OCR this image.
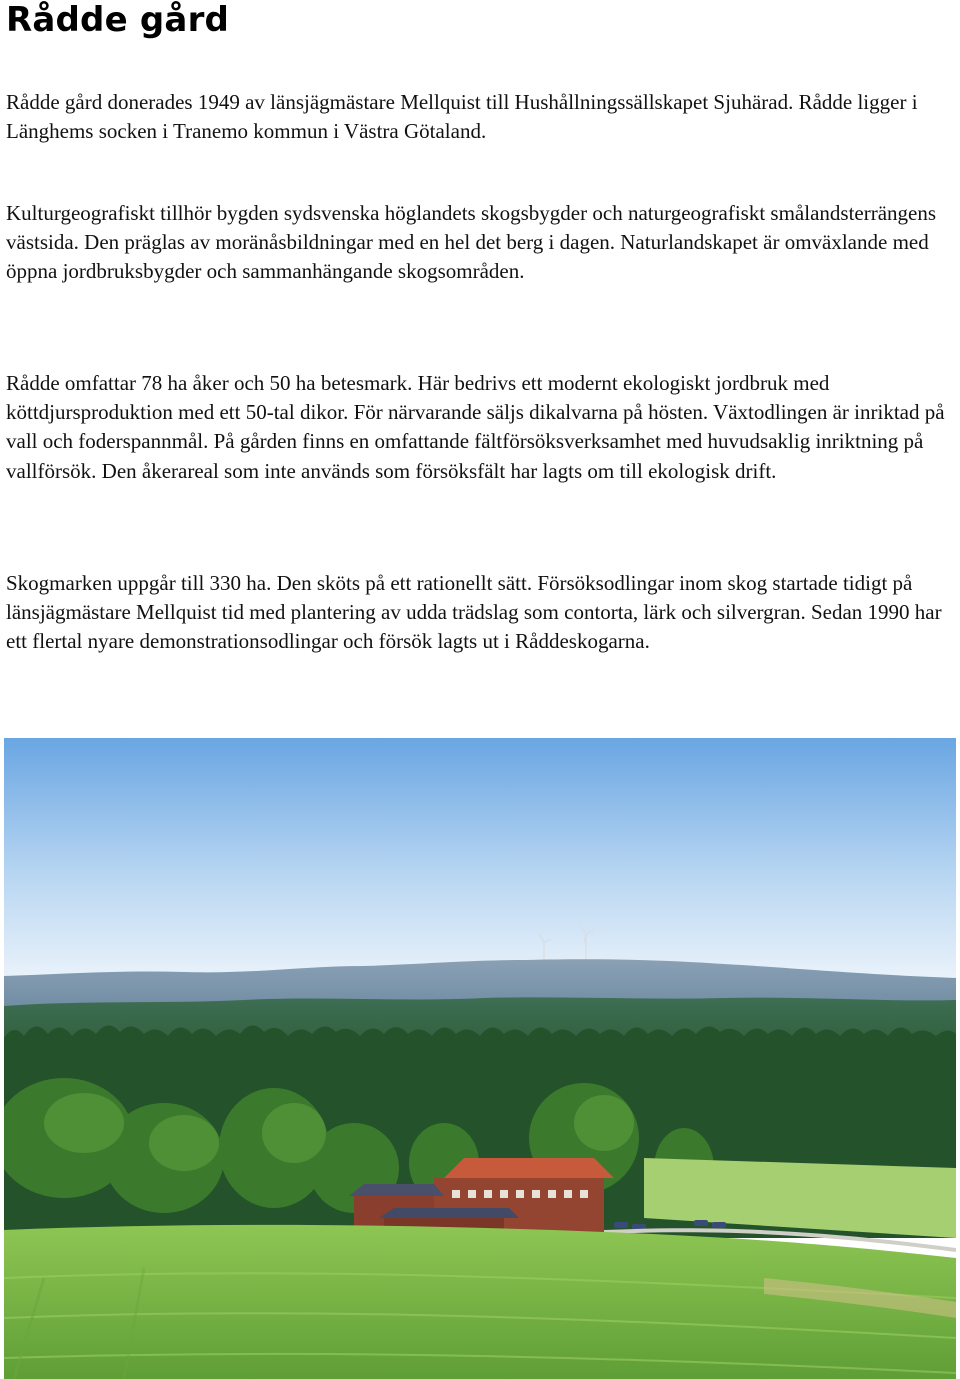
Rådde gård

Rådde gård donerades 1949 av länsjägmästare Mellquist till Hushållningssällskapet Sjuhärad. Rådde ligger i Länghems socken i Tranemo kommun i Västra Götaland.

Kulturgeografiskt tillhör bygden sydsvenska höglandets skogsbygder och naturgeografiskt smålandsterrängens västsida. Den präglas av moränåsbildningar med en hel det berg i dagen. Naturlandskapet är omväxlande med öppna jordbruksbygder och sammanhängande skogsområden.

Rådde omfattar 78 ha åker och 50 ha betesmark. Här bedrivs ett modernt ekologiskt jordbruk med köttdjursproduktion med ett 50-tal dikor. För närvarande säljs dikalvarna på hösten. Växtodlingen är inriktad på vall och foderspannmål. På gården finns en omfattande fältförsöksverksamhet med huvudsaklig inriktning på vallförsök. Den åkerareal som inte används som försöksfält har lagts om till ekologisk drift.

Skogmarken uppgår till 330 ha. Den sköts på ett rationellt sätt. Försöksodlingar inom skog startade tidigt på länsjägmästare Mellquist tid med plantering av udda trädslag som contorta, lärk och silvergran. Sedan 1990 har ett flertal nyare demonstrationsodlingar och försök lagts ut i Råddeskogarna.
